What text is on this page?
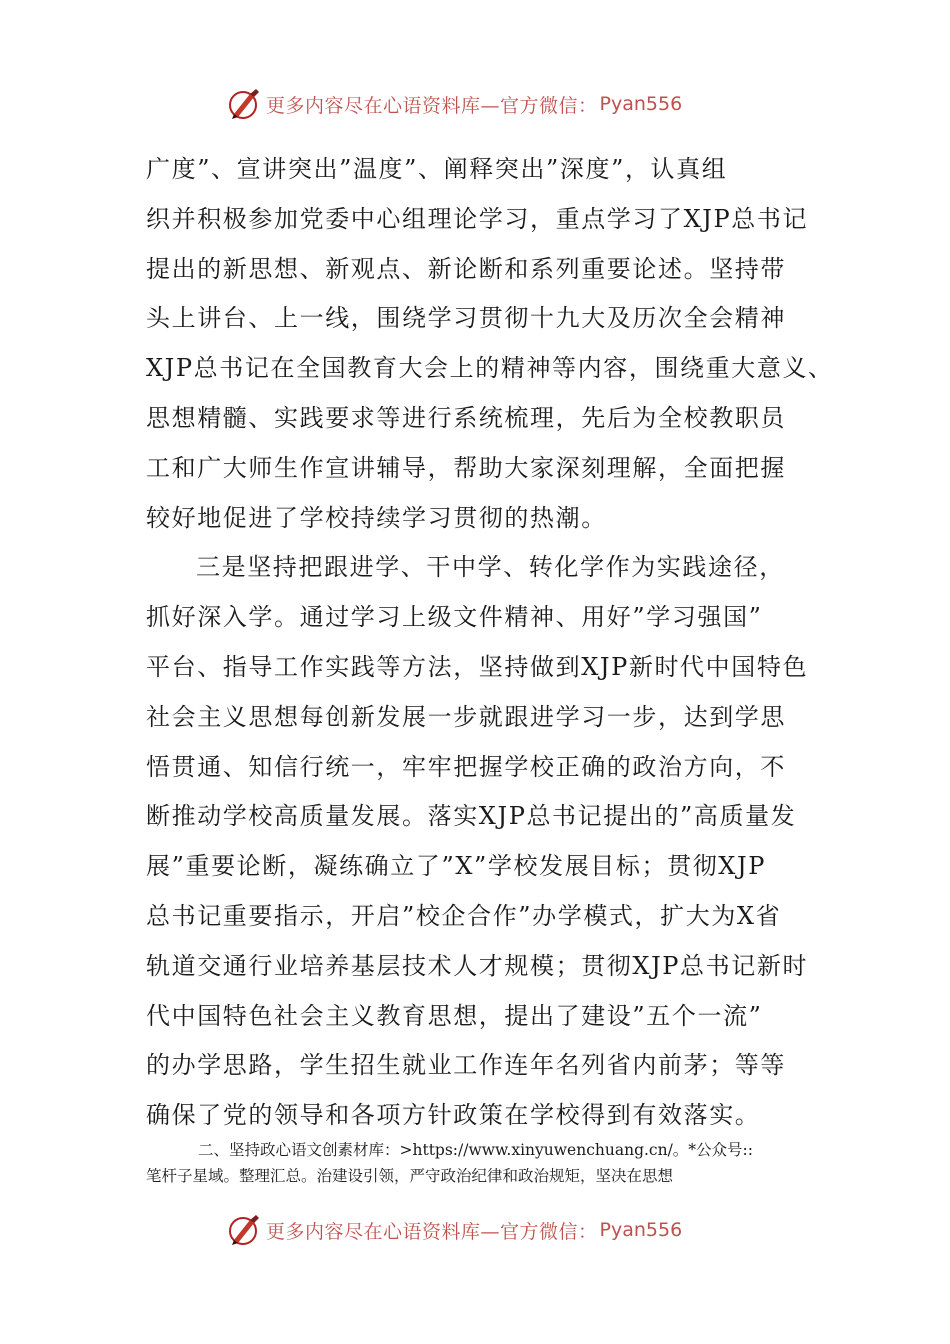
更多内容尽在心语资料库—官方微信： Pyan556
广度”、宣讲突出”温度”、阐释突出”深度”，认真组
织并积极参加党委中心组理论学习，重点学习了XJP总书记
提出的新思想、新观点、新论断和系列重要论述。坚持带
头上讲台、上一线，围绕学习贯彻十九大及历次全会精神
XJP总书记在全国教育大会上的精神等内容，围绕重大意义、
思想精髓、实践要求等进行系统梳理，先后为全校教职员
工和广大师生作宣讲辅导，帮助大家深刻理解，全面把握
较好地促进了学校持续学习贯彻的热潮。
三是坚持把跟进学、干中学、转化学作为实践途径，
抓好深入学。通过学习上级文件精神、用好”学习强国”
平台、指导工作实践等方法，坚持做到XJP新时代中国特色
社会主义思想每创新发展一步就跟进学习一步，达到学思
悟贯通、知信行统一，牢牢把握学校正确的政治方向，不
断推动学校高质量发展。落实XJP总书记提出的”高质量发
展”重要论断，凝练确立了”X”学校发展目标；贯彻XJP
总书记重要指示，开启”校企合作”办学模式，扩大为X省
轨道交通行业培养基层技术人才规模；贯彻XJP总书记新时
代中国特色社会主义教育思想，提出了建设”五个一流”
的办学思路，学生招生就业工作连年名列省内前茅；等等
确保了党的领导和各项方针政策在学校得到有效落实。
二、坚持政心语文创素材库：>https://www.xinyuwenchuang.cn/。*公众号::
笔杆子星域。整理汇总。治建设引领，严守政治纪律和政治规矩，坚决在思想
更多内容尽在心语资料库—官方微信： Pyan556
